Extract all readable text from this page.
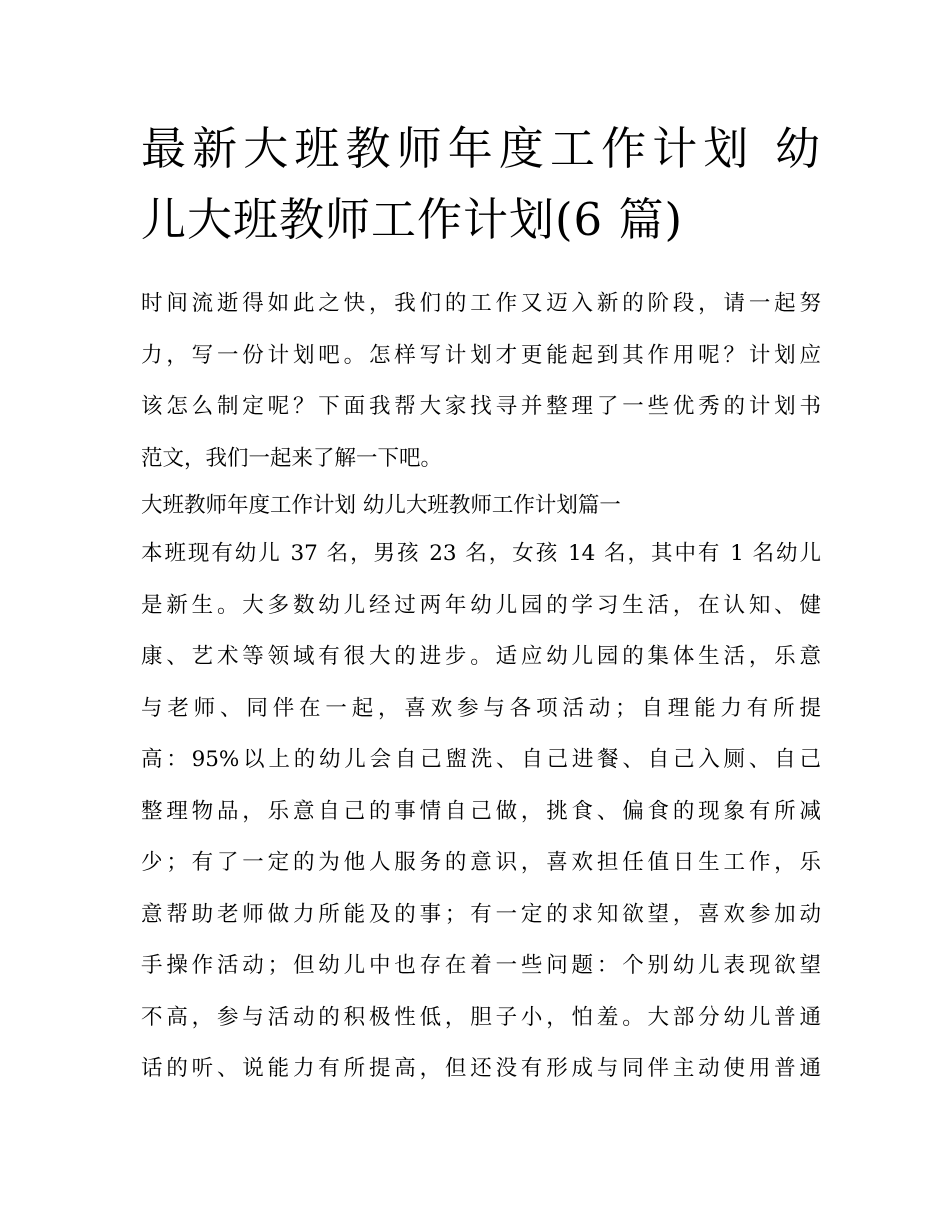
最新大班教师年度工作计划 幼
儿大班教师工作计划(6 篇)

时间流逝得如此之快，我们的工作又迈入新的阶段，请一起努
力，写一份计划吧。怎样写计划才更能起到其作用呢？计划应
该怎么制定呢？下面我帮大家找寻并整理了一些优秀的计划书
范文，我们一起来了解一下吧。

大班教师年度工作计划 幼儿大班教师工作计划篇一

本班现有幼儿 37 名，男孩 23 名，女孩 14 名，其中有 1 名幼儿
是新生。大多数幼儿经过两年幼儿园的学习生活，在认知、健
康、艺术等领域有很大的进步。适应幼儿园的集体生活，乐意
与老师、同伴在一起，喜欢参与各项活动；自理能力有所提
高：95%以上的幼儿会自己盥洗、自己进餐、自己入厕、自己
整理物品，乐意自己的事情自己做，挑食、偏食的现象有所减
少；有了一定的为他人服务的意识，喜欢担任值日生工作，乐
意帮助老师做力所能及的事；有一定的求知欲望，喜欢参加动
手操作活动；但幼儿中也存在着一些问题：个别幼儿表现欲望
不高，参与活动的积极性低，胆子小，怕羞。大部分幼儿普通
话的听、说能力有所提高，但还没有形成与同伴主动使用普通
